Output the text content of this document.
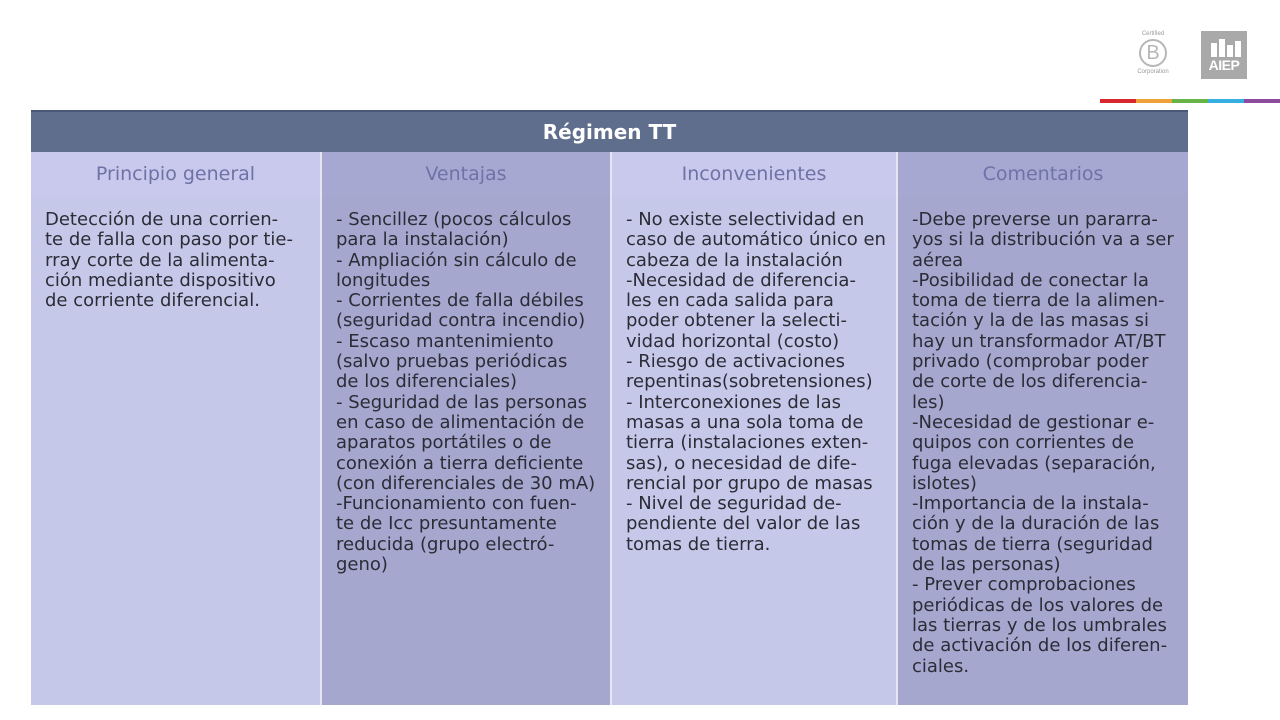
Certified
B
Corporation	AIEP
Régimen TT
Principio general
Detección de una corrien-
te de falla con paso por tie-
rray corte de la alimenta-
ción mediante dispositivo
de corriente diferencial.
Ventajas
- Sencillez (pocos cálculos
para la instalación)
- Ampliación sin cálculo de
longitudes
- Corrientes de falla débiles
(seguridad contra incendio)
- Escaso mantenimiento
(salvo pruebas periódicas
de los diferenciales)
- Seguridad de las personas
en caso de alimentación de
aparatos portátiles o de
conexión a tierra deficiente
(con diferenciales de 30 mA)
-Funcionamiento con fuen-
te de Icc presuntamente
reducida (grupo electró-
geno)
Inconvenientes
- No existe selectividad en
caso de automático único en
cabeza de la instalación
-Necesidad de diferencia-
les en cada salida para
poder obtener la selecti-
vidad horizontal (costo)
- Riesgo de activaciones
repentinas(sobretensiones)
- Interconexiones de las
masas a una sola toma de
tierra (instalaciones exten-
sas), o necesidad de dife-
rencial por grupo de masas
- Nivel de seguridad de-
pendiente del valor de las
tomas de tierra.
Comentarios
-Debe preverse un pararra-
yos si la distribución va a ser
aérea
-Posibilidad de conectar la
toma de tierra de la alimen-
tación y la de las masas si
hay un transformador AT/BT
privado (comprobar poder
de corte de los diferencia-
les)
-Necesidad de gestionar e-
quipos con corrientes de
fuga elevadas (separación,
islotes)
-Importancia de la instala-
ción y de la duración de las
tomas de tierra (seguridad
de las personas)
- Prever comprobaciones
periódicas de los valores de
las tierras y de los umbrales
de activación de los diferen-
ciales.
